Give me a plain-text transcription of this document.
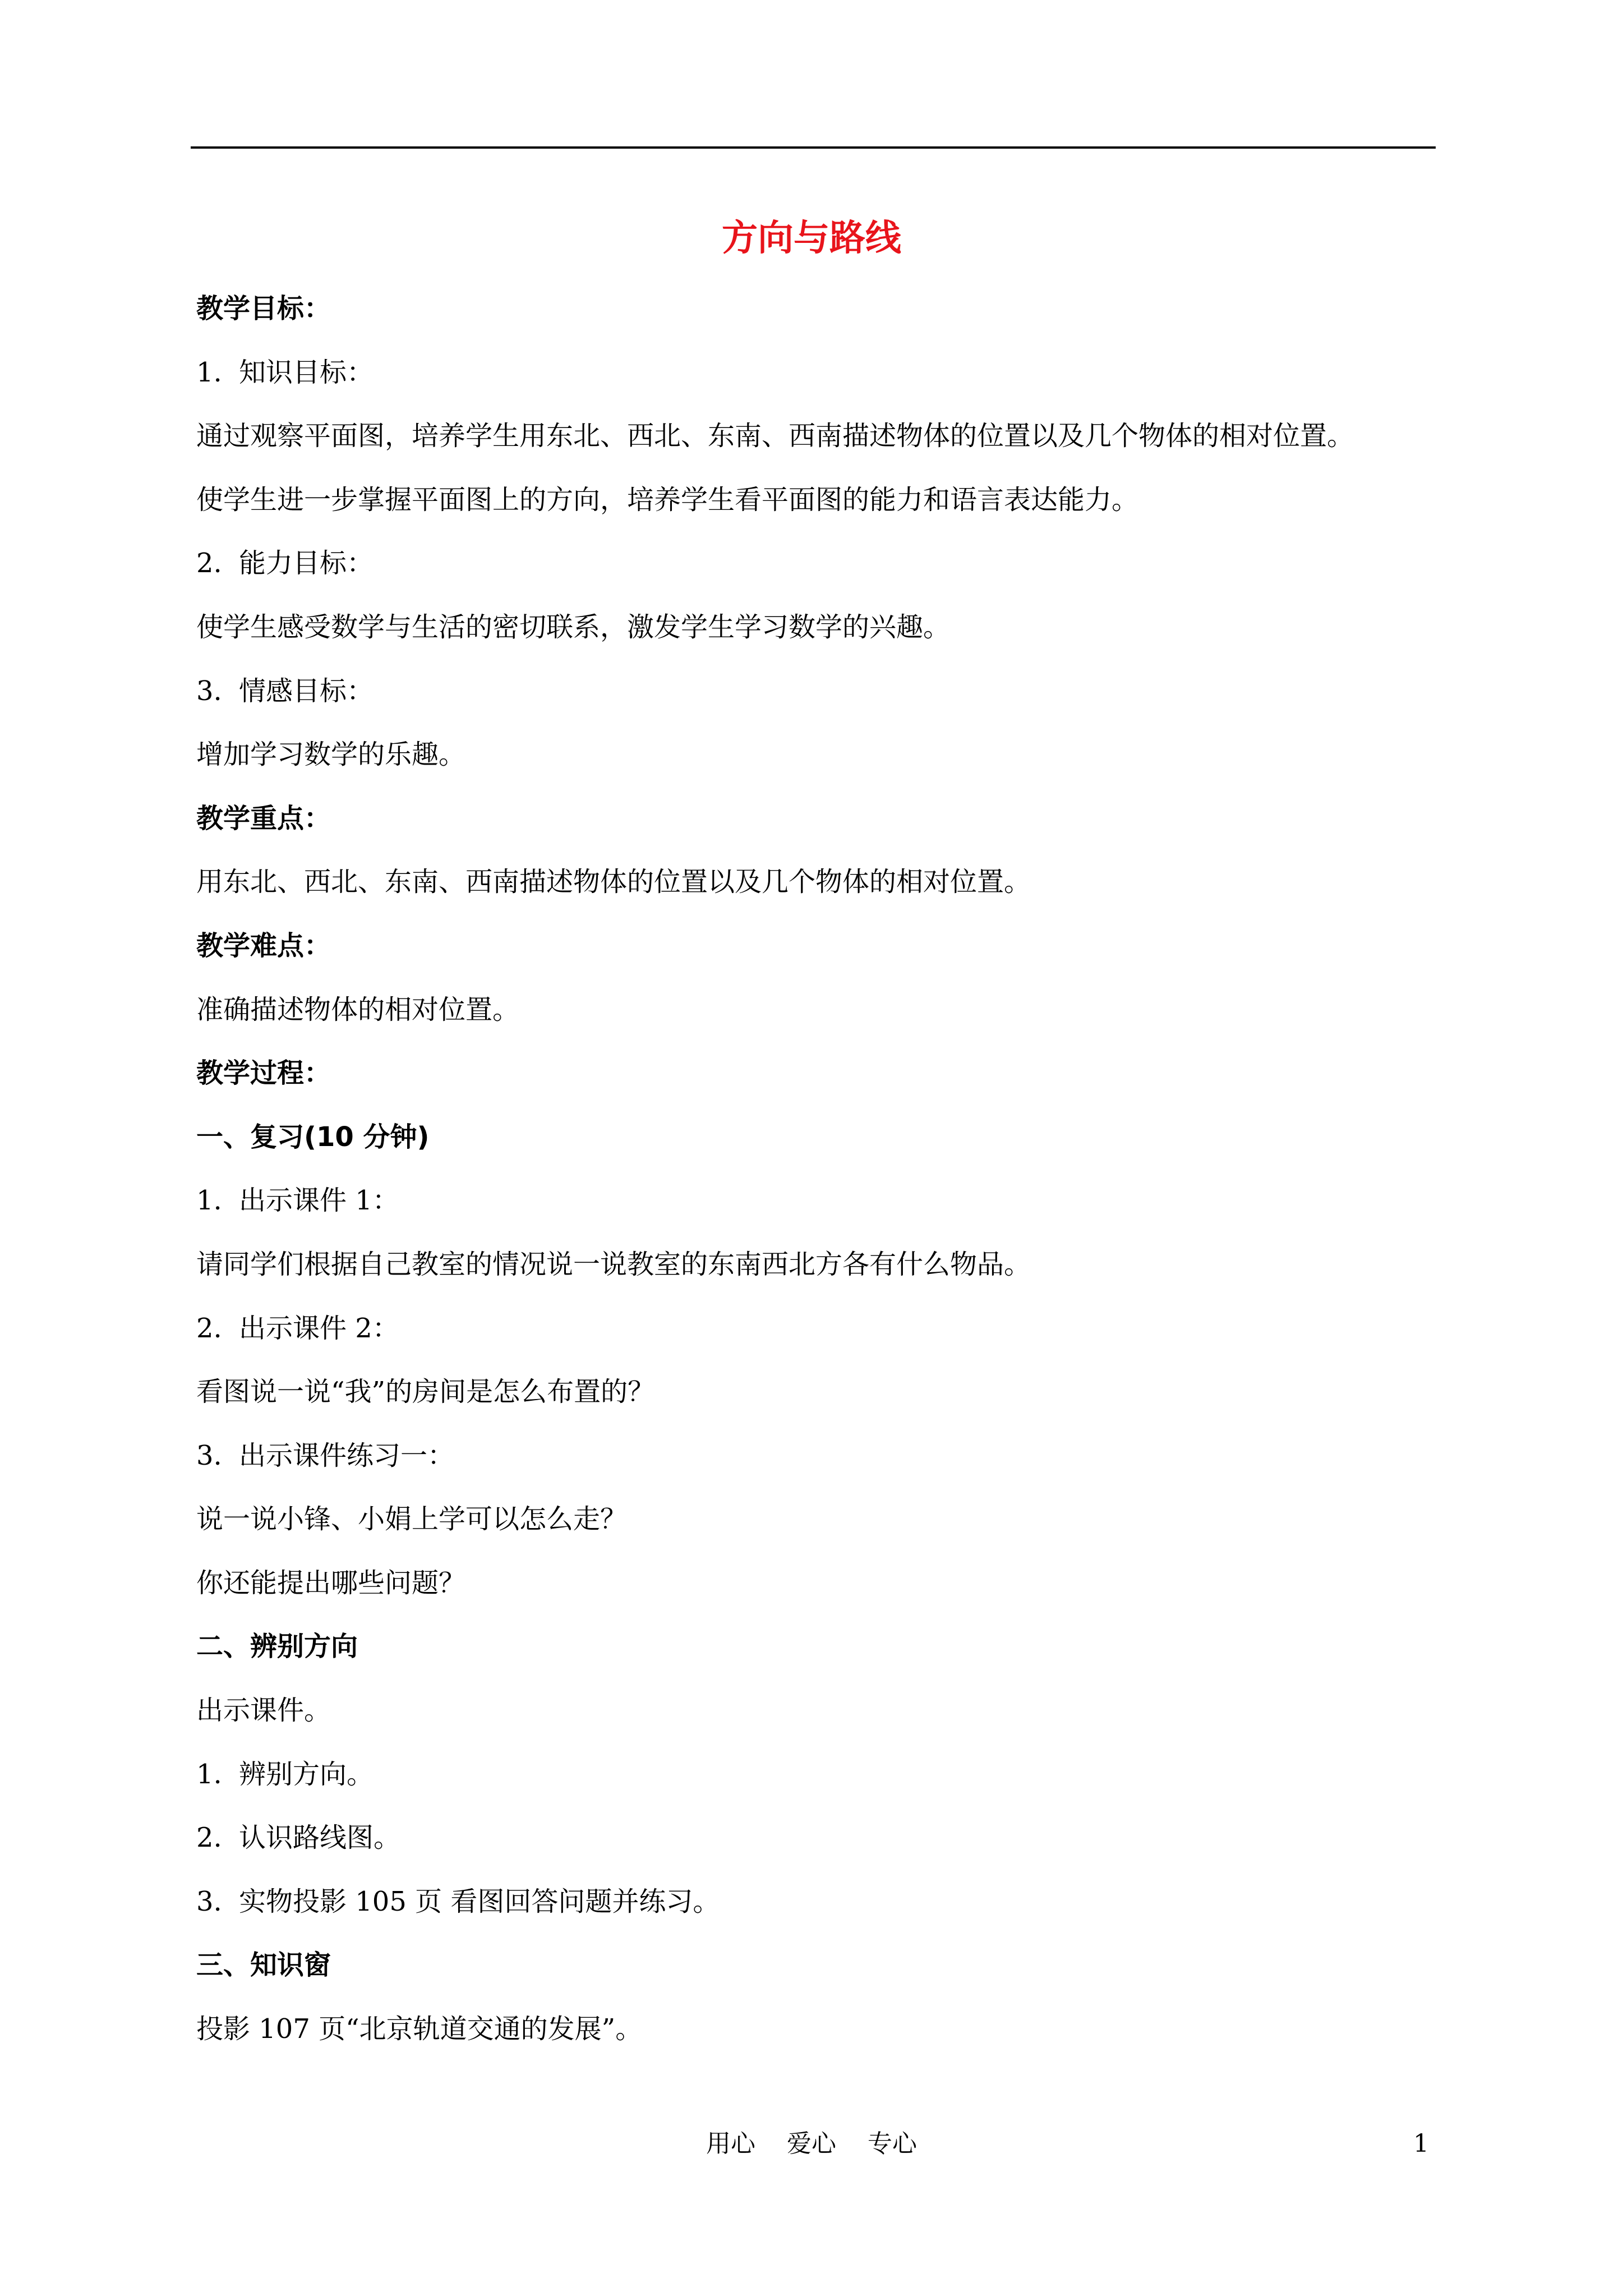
方向与路线
教学目标：
1. 知识目标：
通过观察平面图，培养学生用东北、西北、东南、西南描述物体的位置以及几个物体的相对位置。
使学生进一步掌握平面图上的方向，培养学生看平面图的能力和语言表达能力。
2. 能力目标：
使学生感受数学与生活的密切联系，激发学生学习数学的兴趣。
3. 情感目标：
增加学习数学的乐趣。
教学重点：
用东北、西北、东南、西南描述物体的位置以及几个物体的相对位置。
教学难点：
准确描述物体的相对位置。
教学过程：
一、复习(10 分钟)
1. 出示课件 1：
请同学们根据自己教室的情况说一说教室的东南西北方各有什么物品。
2. 出示课件 2：
看图说一说“我”的房间是怎么布置的？
3. 出示课件练习一：
说一说小锋、小娟上学可以怎么走？
你还能提出哪些问题？
二、辨别方向
出示课件。
1. 辨别方向。
2. 认识路线图。
3. 实物投影 105 页 看图回答问题并练习。
三、知识窗
投影 107 页“北京轨道交通的发展”。
用心 爱心 专心	1
